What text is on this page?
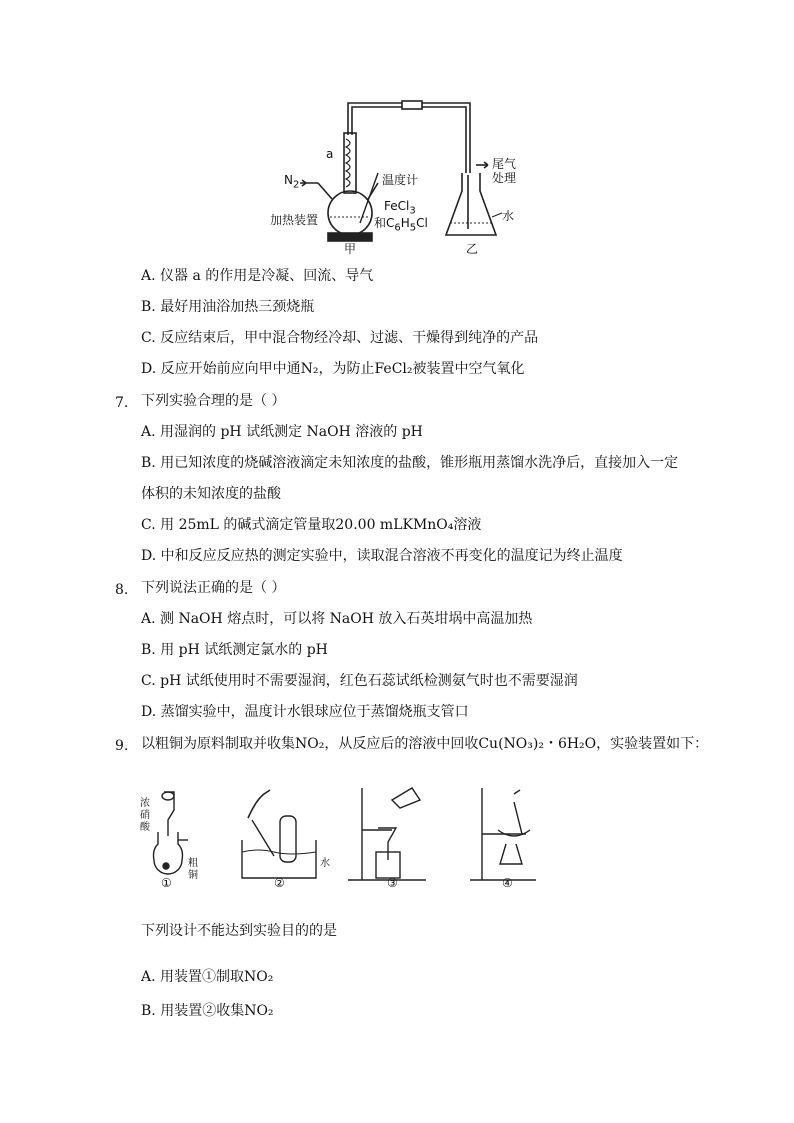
a
$N_2$	温度计
尾气
处理
FeCl$_3$
和$C_6H_5Cl$
加热装置	水
甲	乙
A. 仪器 a 的作用是冷凝、回流、导气
B. 最好用油浴加热三颈烧瓶
C. 反应结束后，甲中混合物经冷却、过滤、干燥得到纯净的产品
D. 反应开始前应向甲中通N₂，为防止FeCl₂被装置中空气氧化
7. 下列实验合理的是（ ）
A. 用湿润的 pH 试纸测定 NaOH 溶液的 pH
B. 用已知浓度的烧碱溶液滴定未知浓度的盐酸，锥形瓶用蒸馏水洗净后，直接加入一定
体积的未知浓度的盐酸
C. 用 25mL 的碱式滴定管量取20.00 mLKMnO₄溶液
D. 中和反应反应热的测定实验中，读取混合溶液不再变化的温度记为终止温度
8. 下列说法正确的是（ ）
A. 测 NaOH 熔点时，可以将 NaOH 放入石英坩埚中高温加热
B. 用 pH 试纸测定氯水的 pH
C. pH 试纸使用时不需要湿润，红色石蕊试纸检测氨气时也不需要湿润
D. 蒸馏实验中，温度计水银球应位于蒸馏烧瓶支管口
9. 以粗铜为原料制取并收集NO₂，从反应后的溶液中回收Cu(NO₃)₂・6H₂O，实验装置如下：
浓
硝
酸
粗
铜
水
①	②	③	④
下列设计不能达到实验目的的是
A. 用装置①制取NO₂
B. 用装置②收集NO₂
